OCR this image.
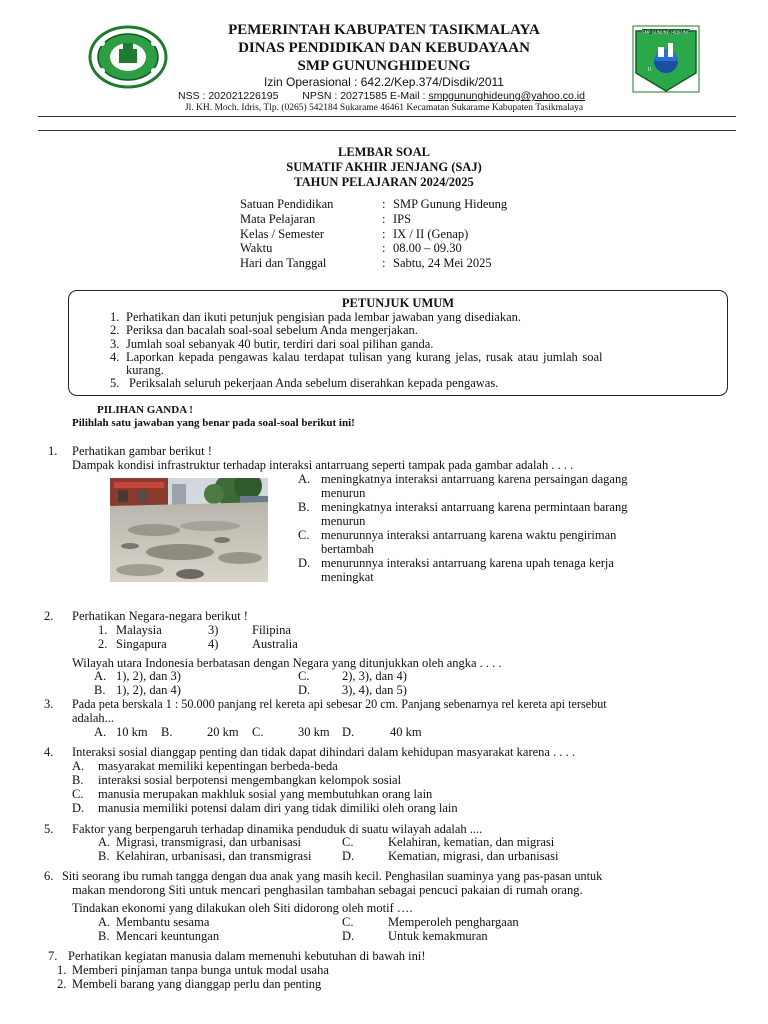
PEMERINTAH KABUPATEN TASIKMALAYA
DINAS PENDIDIKAN DAN KEBUDAYAAN
SMP GUNUNGHIDEUNG
Izin Operasional : 642.2/Kep.374/Disdik/2011
NSS : 202021226195 NPSN : 20271585 E-Mail : smpgununghideung@yahoo.co.id
Jl. KH. Moch. Idris, Tlp. (0265) 542184 Sukarame 46461 Kecamatan Sukarame Kabupaten Tasikmalaya
II
SMP GUNUNG HIDEUNG
LEMBAR SOAL
SUMATIF AKHIR JENJANG (SAJ)
TAHUN PELAJARAN 2024/2025
Satuan Pendidikan	: SMP Gunung Hideung
Mata Pelajaran	: IPS
Kelas / Semester	: IX / II (Genap)
Waktu	: 08.00 – 09.30
Hari dan Tanggal	: Sabtu, 24 Mei 2025
PETUNJUK UMUM
1. Perhatikan dan ikuti petunjuk pengisian pada lembar jawaban yang disediakan.
2. Periksa dan bacalah soal-soal sebelum Anda mengerjakan.
3. Jumlah soal sebanyak 40 butir, terdiri dari soal pilihan ganda.
4. Laporkan kepada pengawas kalau terdapat tulisan yang kurang jelas, rusak atau jumlah soal
kurang.
5. Periksalah seluruh pekerjaan Anda sebelum diserahkan kepada pengawas.
PILIHAN GANDA !
Pilihlah satu jawaban yang benar pada soal-soal berikut ini!
1. Perhatikan gambar berikut !
Dampak kondisi infrastruktur terhadap interaksi antarruang seperti tampak pada gambar adalah . . . .
A. meningkatnya interaksi antarruang karena persaingan dagang
menurun
B. meningkatnya interaksi antarruang karena permintaan barang
menurun
C. menurunnya interaksi antarruang karena waktu pengiriman
bertambah
D. menurunnya interaksi antarruang karena upah tenaga kerja
meningkat
2. Perhatikan Negara-negara berikut !
1. Malaysia	3)	Filipina
2. Singapura	4)	Australia
Wilayah utara Indonesia berbatasan dengan Negara yang ditunjukkan oleh angka . . . .
A. 1), 2), dan 3)	C.	2), 3), dan 4)
B. 1), 2), dan 4)	D.	3), 4), dan 5)
3. Pada peta berskala 1 : 50.000 panjang rel kereta api sebesar 20 cm. Panjang sebenarnya rel kereta api tersebut
adalah...
A. 10 km B.	20 km C.	30 km D.	40 km
4. Interaksi sosial dianggap penting dan tidak dapat dihindari dalam kehidupan masyarakat karena . . . .
A. masyarakat memiliki kepentingan berbeda-beda
B. interaksi sosial berpotensi mengembangkan kelompok sosial
C. manusia merupakan makhluk sosial yang membutuhkan orang lain
D. manusia memiliki potensi dalam diri yang tidak dimiliki oleh orang lain
5. Faktor yang berpengaruh terhadap dinamika penduduk di suatu wilayah adalah ....
A. Migrasi, transmigrasi, dan urbanisasi	C.	Kelahiran, kematian, dan migrasi
B. Kelahiran, urbanisasi, dan transmigrasi D.	Kematian, migrasi, dan urbanisasi
6. Siti seorang ibu rumah tangga dengan dua anak yang masih kecil. Penghasilan suaminya yang pas-pasan untuk
makan mendorong Siti untuk mencari penghasilan tambahan sebagai pencuci pakaian di rumah orang.
Tindakan ekonomi yang dilakukan oleh Siti didorong oleh motif ….
A. Membantu sesama	C.	Memperoleh penghargaan
B. Mencari keuntungan	D.	Untuk kemakmuran
7. Perhatikan kegiatan manusia dalam memenuhi kebutuhan di bawah ini!
1. Memberi pinjaman tanpa bunga untuk modal usaha
2. Membeli barang yang dianggap perlu dan penting
